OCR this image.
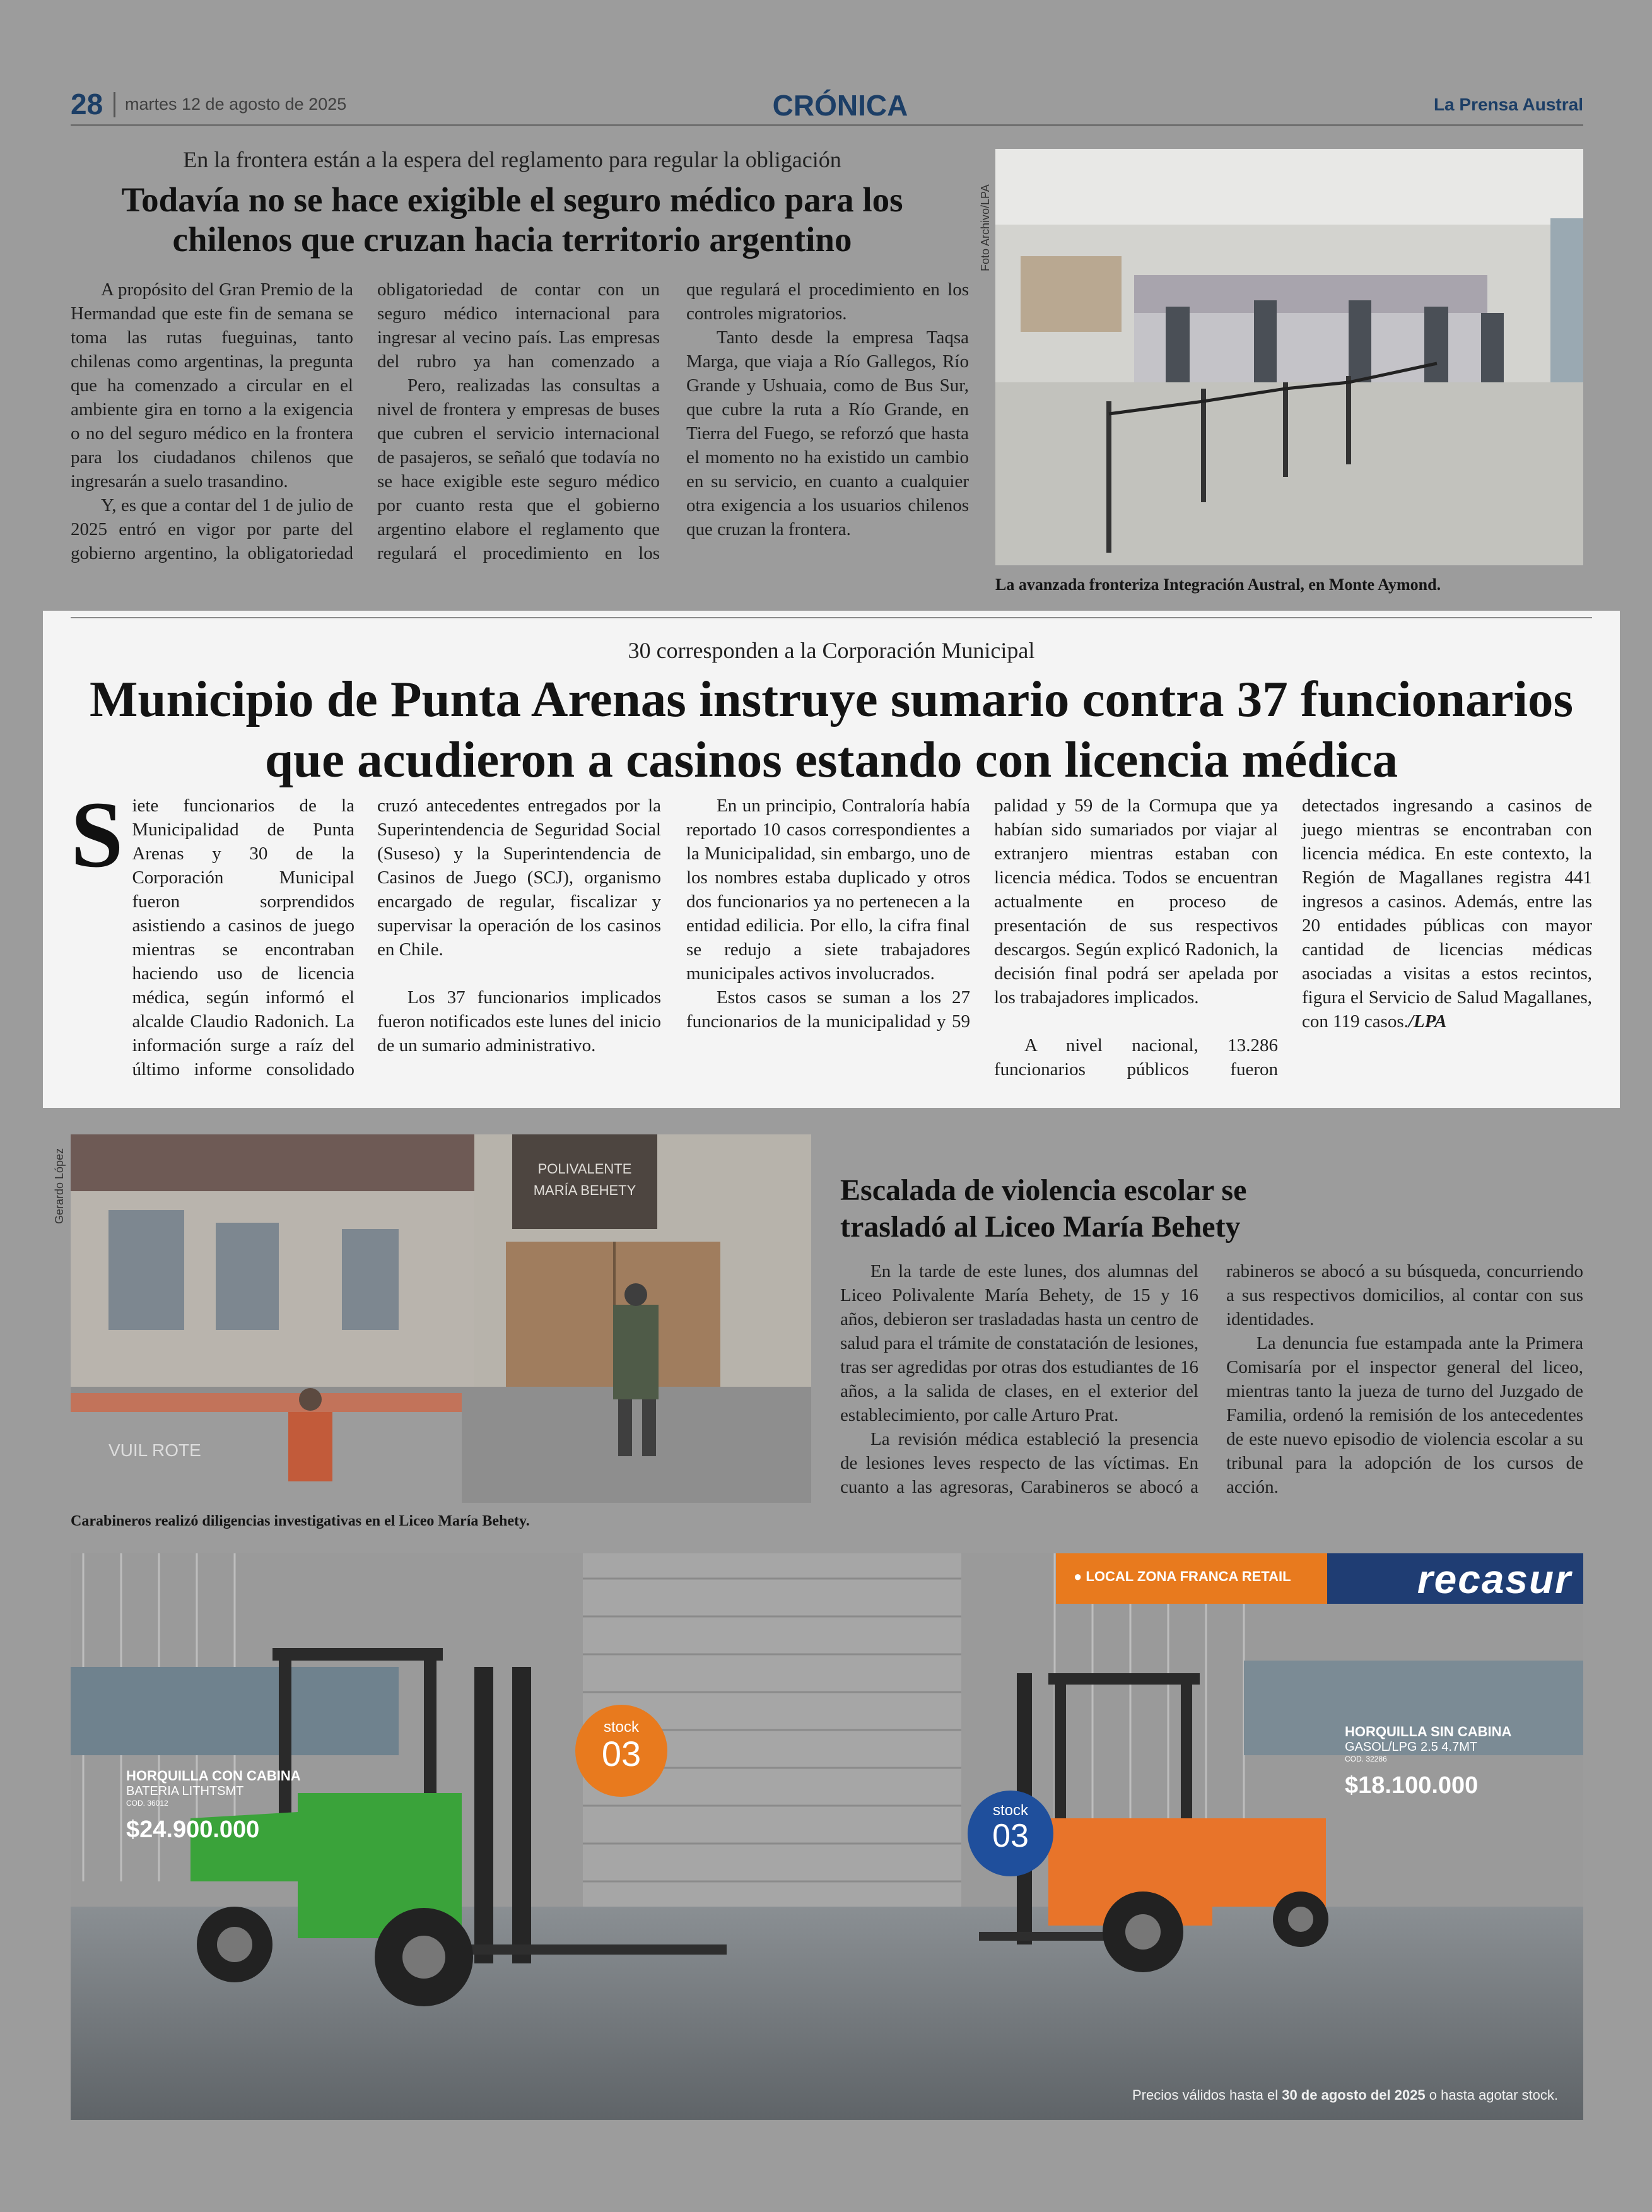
28 martes 12 de agosto de 2025	CRÓNICA	La Prensa Austral
En la frontera están a la espera del reglamento para regular la obligación
Todavía no se hace exigible el seguro médico para los chilenos que cruzan hacia territorio argentino

A propósito del Gran Premio de la Hermandad que este fin de semana se toma las rutas fueguinas, tanto chilenas como argentinas, la pregunta que ha comenzado a circular en el ambiente gira en torno a la exigencia o no del seguro médico en la frontera para los ciudadanos chilenos que ingresarán a suelo trasandino.

Y, es que a contar del 1 de julio de 2025 entró en vigor por parte del gobierno argentino, la obligatoriedad

obligatoriedad de contar con un seguro médico internacional para ingresar al vecino país. Las empresas del rubro ya han comenzado a

Pero, realizadas las consultas a nivel de frontera y empresas de buses que cubren el servicio internacional de pasajeros, se señaló que todavía no se hace exigible este seguro médico por cuanto resta que el gobierno argentino elabore el reglamento que regulará el procedimiento en los

que regulará el procedimiento en los controles migratorios.

Tanto desde la empresa Taqsa Marga, que viaja a Río Gallegos, Río Grande y Ushuaia, como de Bus Sur, que cubre la ruta a Río Grande, en Tierra del Fuego, se reforzó que hasta el momento no ha existido un cambio en su servicio, en cuanto a cualquier otra exigencia a los usuarios chilenos que cruzan la frontera.

Foto Archivo/LPA
La avanzada fronteriza Integración Austral, en Monte Aymond.
30 corresponden a la Corporación Municipal
Municipio de Punta Arenas instruye sumario contra 37 funcionarios que acudieron a casinos estando con licencia médica
S iete funcionarios de la Municipalidad de Punta Arenas y 30 de la Corporación Municipal fueron sorprendidos asistiendo a casinos de juego mientras se encontraban haciendo uso de licencia médica, según informó el alcalde Claudio Radonich. La información surge a raíz del último informe consolidado

cruzó antecedentes entregados por la Superintendencia de Seguridad Social (Suseso) y la Superintendencia de Casinos de Juego (SCJ), organismo encargado de regular, fiscalizar y supervisar la operación de los casinos en Chile.

Los 37 funcionarios implicados fueron notificados este lunes del inicio de un sumario administrativo.

En un principio, Contraloría había reportado 10 casos correspondientes a la Municipalidad, sin embargo, uno de los nombres estaba duplicado y otros dos funcionarios ya no pertenecen a la entidad edilicia. Por ello, la cifra final se redujo a siete trabajadores municipales activos involucrados.

Estos casos se suman a los 27 funcionarios de la municipalidad y 59

palidad y 59 de la Cormupa que ya habían sido sumariados por viajar al extranjero mientras estaban con licencia médica. Todos se encuentran actualmente en proceso de presentación de sus respectivos descargos. Según explicó Radonich, la decisión final podrá ser apelada por los trabajadores implicados.

A nivel nacional, 13.286 funcionarios públicos fueron

detectados ingresando a casinos de juego mientras se encontraban con licencia médica. En este contexto, la Región de Magallanes registra 441 ingresos a casinos. Además, entre las 20 entidades públicas con mayor cantidad de licencias médicas asociadas a visitas a estos recintos, figura el Servicio de Salud Magallanes, con 119 casos./LPA

POLIVALENTE
MARÍA BEHETY
VUIL ROTE
Gerardo López
Carabineros realizó diligencias investigativas en el Liceo María Behety.
Escalada de violencia escolar se trasladó al Liceo María Behety

En la tarde de este lunes, dos alumnas del Liceo Polivalente María Behety, de 15 y 16 años, debieron ser trasladadas hasta un centro de salud para el trámite de constatación de lesiones, tras ser agredidas por otras dos estudiantes de 16 años, a la salida de clases, en el exterior del establecimiento, por calle Arturo Prat.

La revisión médica estableció la presencia de lesiones leves respecto de las víctimas. En cuanto a las agresoras, Carabineros se abocó a

rabineros se abocó a su búsqueda, concurriendo a sus respectivos domicilios, al contar con sus identidades.

La denuncia fue estampada ante la Primera Comisaría por el inspector general del liceo, mientras tanto la jueza de turno del Juzgado de Familia, ordenó la remisión de los antecedentes de este nuevo episodio de violencia escolar a su tribunal para la adopción de los cursos de acción.

● LOCAL ZONA FRANCA RETAIL	recasur
HORQUILLA CON CABINA
BATERIA LITHTSMT
COD. 36012
$24.900.000
stock
03
HORQUILLA SIN CABINA
GASOL/LPG 2.5 4.7MT
COD. 32286
$18.100.000
stock
03
Precios válidos hasta el 30 de agosto del 2025 o hasta agotar stock.
